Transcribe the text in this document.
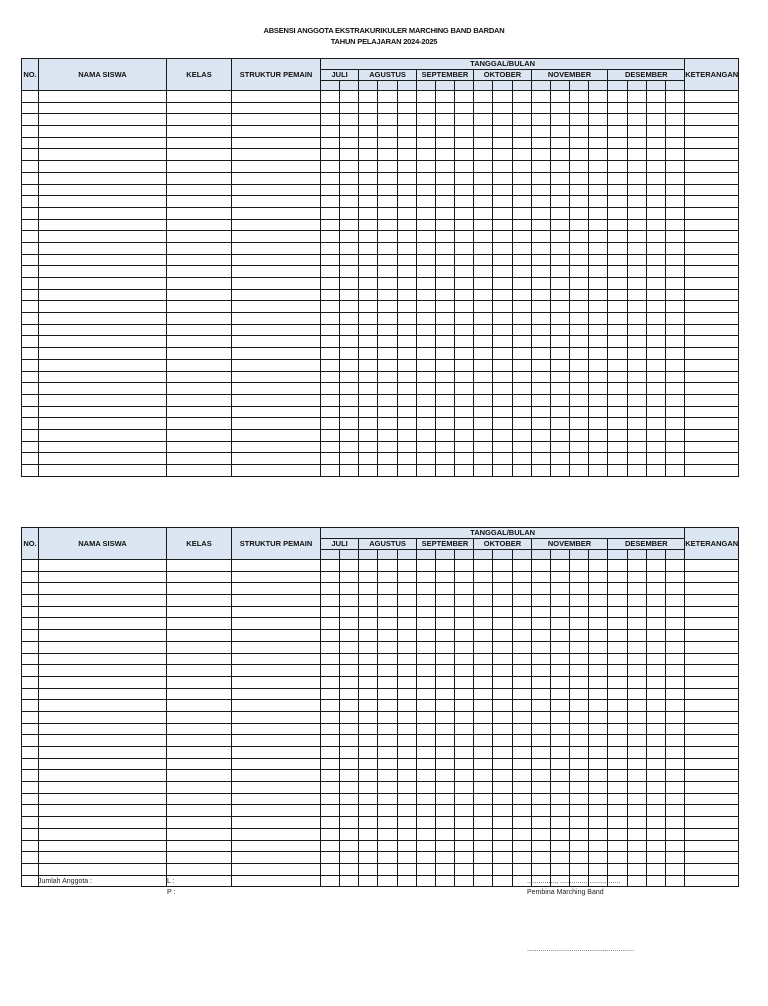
ABSENSI ANGGOTA EKSTRAKURIKULER MARCHING BAND BARDAN
TAHUN PELAJARAN 2024-2025
NO.	NAMA SISWA	KELAS	STRUKTUR PEMAIN	TANGGAL/BULAN																			KETERANGAN
				JULI		AGUSTUS			SEPTEMBER			OKTOBER			NOVEMBER				DESEMBER				

NO.	NAMA SISWA	KELAS	STRUKTUR PEMAIN	TANGGAL/BULAN																			KETERANGAN
				JULI		AGUSTUS			SEPTEMBER			OKTOBER			NOVEMBER				DESEMBER				

Jumlah Anggota :	L :
P :
..............., ...............................
Pembina Marching Band
.......................................................
